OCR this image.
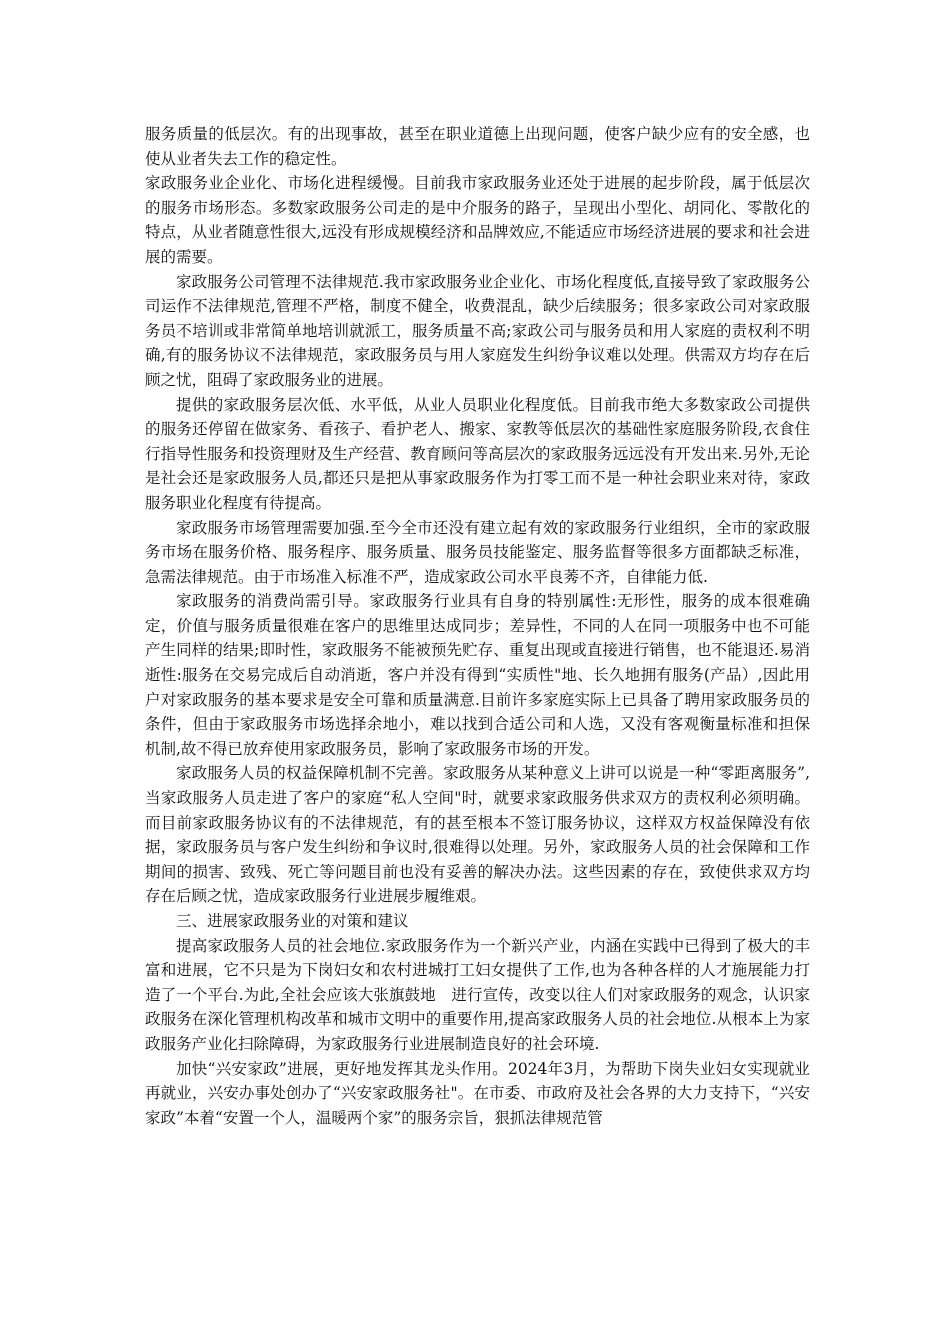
服务质量的低层次。有的出现事故，甚至在职业道德上出现问题，使客户缺少应有的安全感，也使从业者失去工作的稳定性。

家政服务业企业化、市场化进程缓慢。目前我市家政服务业还处于进展的起步阶段，属于低层次的服务市场形态。多数家政服务公司走的是中介服务的路子，呈现出小型化、胡同化、零散化的特点，从业者随意性很大,远没有形成规模经济和品牌效应,不能适应市场经济进展的要求和社会进展的需要。

家政服务公司管理不法律规范.我市家政服务业企业化、市场化程度低,直接导致了家政服务公司运作不法律规范,管理不严格，制度不健全，收费混乱，缺少后续服务；很多家政公司对家政服务员不培训或非常简单地培训就派工，服务质量不高;家政公司与服务员和用人家庭的责权利不明确,有的服务协议不法律规范，家政服务员与用人家庭发生纠纷争议难以处理。供需双方均存在后顾之忧，阻碍了家政服务业的进展。

提供的家政服务层次低、水平低，从业人员职业化程度低。目前我市绝大多数家政公司提供的服务还停留在做家务、看孩子、看护老人、搬家、家教等低层次的基础性家庭服务阶段,衣食住行指导性服务和投资理财及生产经营、教育顾问等高层次的家政服务远远没有开发出来.另外,无论是社会还是家政服务人员,都还只是把从事家政服务作为打零工而不是一种社会职业来对待，家政服务职业化程度有待提高。

家政服务市场管理需要加强.至今全市还没有建立起有效的家政服务行业组织，全市的家政服务市场在服务价格、服务程序、服务质量、服务员技能鉴定、服务监督等很多方面都缺乏标准，急需法律规范。由于市场准入标准不严，造成家政公司水平良莠不齐，自律能力低.

家政服务的消费尚需引导。家政服务行业具有自身的特别属性:无形性，服务的成本很难确定，价值与服务质量很难在客户的思维里达成同步；差异性，不同的人在同一项服务中也不可能产生同样的结果;即时性，家政服务不能被预先贮存、重复出现或直接进行销售，也不能退还.易消逝性:服务在交易完成后自动消逝，客户并没有得到“实质性"地、长久地拥有服务(产品）,因此用户对家政服务的基本要求是安全可靠和质量满意.目前许多家庭实际上已具备了聘用家政服务员的条件，但由于家政服务市场选择余地小，难以找到合适公司和人选，又没有客观衡量标准和担保机制,故不得已放弃使用家政服务员，影响了家政服务市场的开发。

家政服务人员的权益保障机制不完善。家政服务从某种意义上讲可以说是一种“零距离服务”,当家政服务人员走进了客户的家庭“私人空间"时，就要求家政服务供求双方的责权利必须明确。而目前家政服务协议有的不法律规范，有的甚至根本不签订服务协议，这样双方权益保障没有依据，家政服务员与客户发生纠纷和争议时,很难得以处理。另外，家政服务人员的社会保障和工作期间的损害、致残、死亡等问题目前也没有妥善的解决办法。这些因素的存在，致使供求双方均存在后顾之忧，造成家政服务行业进展步履维艰。

三、进展家政服务业的对策和建议

提高家政服务人员的社会地位.家政服务作为一个新兴产业，内涵在实践中已得到了极大的丰富和进展，它不只是为下岗妇女和农村进城打工妇女提供了工作,也为各种各样的人才施展能力打造了一个平台.为此,全社会应该大张旗鼓地　进行宣传，改变以往人们对家政服务的观念，认识家政服务在深化管理机构改革和城市文明中的重要作用,提高家政服务人员的社会地位.从根本上为家政服务产业化扫除障碍，为家政服务行业进展制造良好的社会环境.

加快“兴安家政”进展，更好地发挥其龙头作用。2024年3月，为帮助下岗失业妇女实现就业再就业，兴安办事处创办了“兴安家政服务社"。在市委、市政府及社会各界的大力支持下，“兴安家政”本着“安置一个人，温暖两个家”的服务宗旨，狠抓法律规范管
